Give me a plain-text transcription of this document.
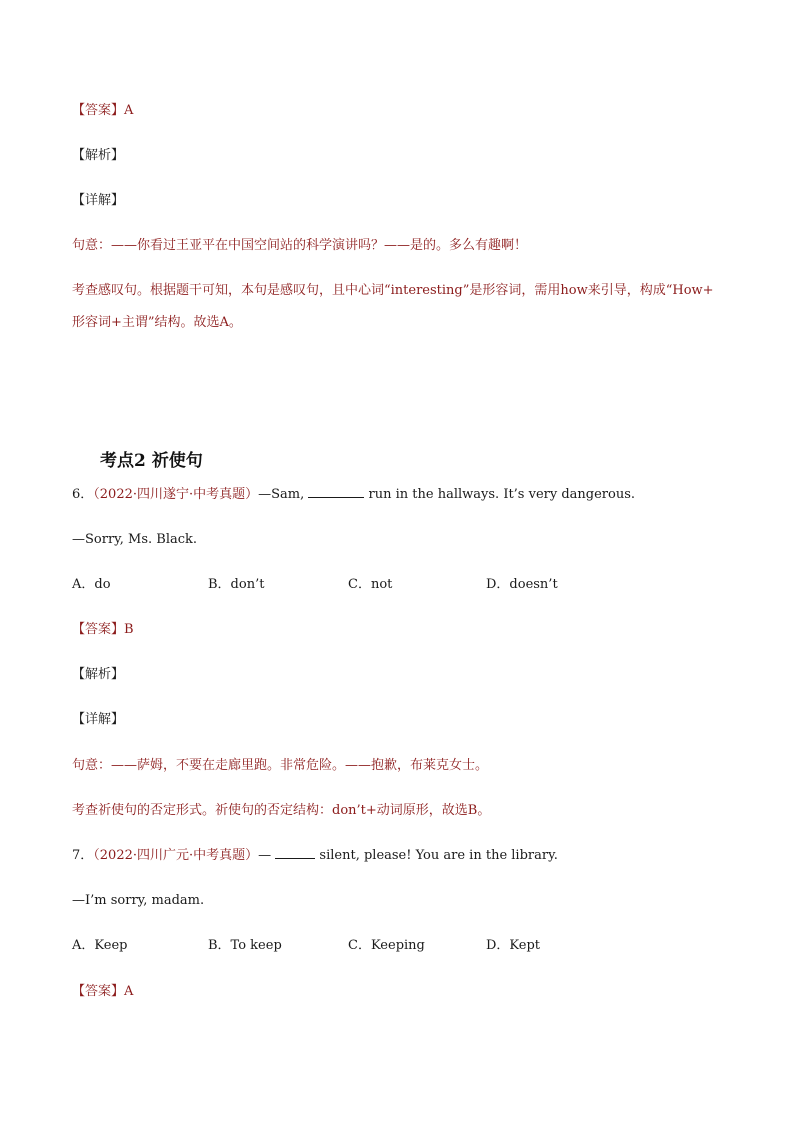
【答案】A
【解析】
【详解】
句意：——你看过王亚平在中国空间站的科学演讲吗？——是的。多么有趣啊！
考查感叹句。根据题干可知，本句是感叹句，且中心词“interesting”是形容词，需用how来引导，构成“How+
形容词+主谓”结构。故选A。
考点2 祈使句
6．（2022·四川遂宁·中考真题）—Sam,	run in the hallways. It’s very dangerous.
—Sorry, Ms. Black.
A．do	B．don’t	C．not	D．doesn’t
【答案】B
【解析】
【详解】
句意：——萨姆，不要在走廊里跑。非常危险。——抱歉，布莱克女士。
考查祈使句的否定形式。祈使句的否定结构：don’t+动词原形，故选B。
7．（2022·四川广元·中考真题）—	silent, please! You are in the library.
—I’m sorry, madam.
A．Keep	B．To keep	C．Keeping	D．Kept
【答案】A
